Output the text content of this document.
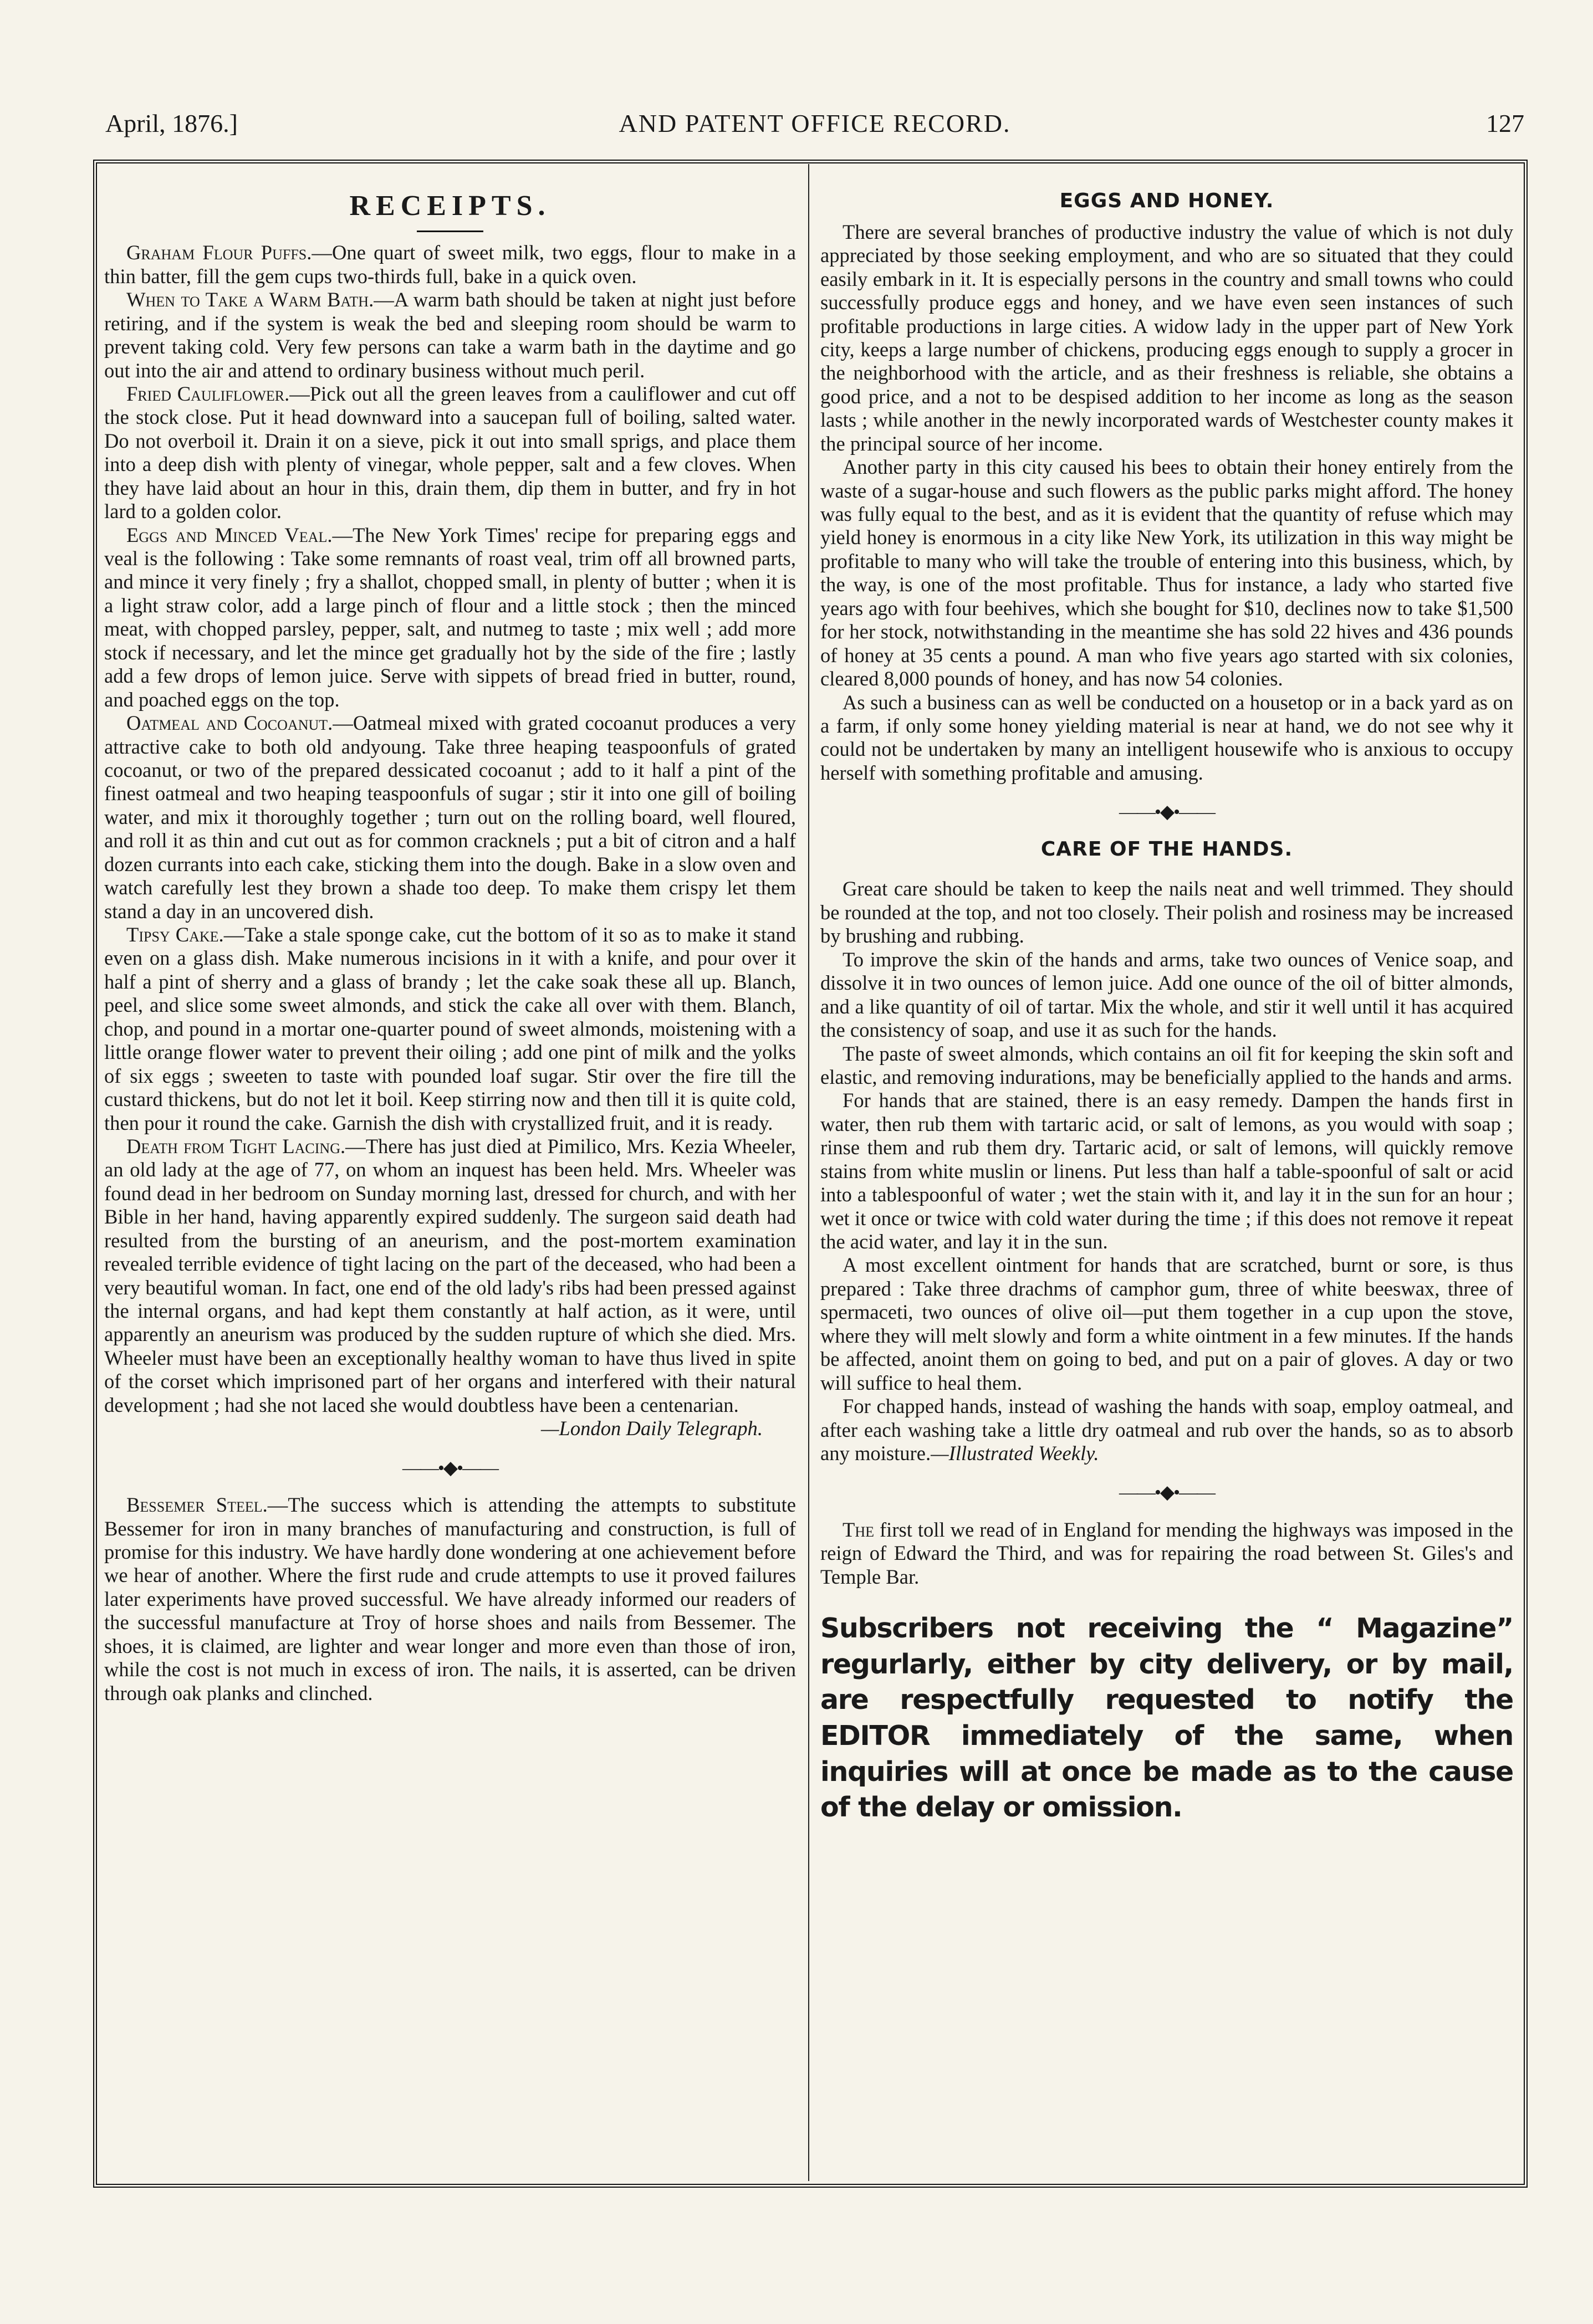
April, 1876.]	AND PATENT OFFICE RECORD.	127
RECEIPTS.

Graham Flour Puffs.—One quart of sweet milk, two eggs, flour to make in a thin batter, fill the gem cups two-thirds full, bake in a quick oven.

When to Take a Warm Bath.—A warm bath should be taken at night just before retiring, and if the system is weak the bed and sleeping room should be warm to prevent taking cold. Very few persons can take a warm bath in the daytime and go out into the air and attend to ordinary business without much peril.

Fried Cauliflower.—Pick out all the green leaves from a cauliflower and cut off the stock close. Put it head downward into a saucepan full of boiling, salted water. Do not overboil it. Drain it on a sieve, pick it out into small sprigs, and place them into a deep dish with plenty of vinegar, whole pepper, salt and a few cloves. When they have laid about an hour in this, drain them, dip them in butter, and fry in hot lard to a golden color.

Eggs and Minced Veal.—The New York Times' recipe for preparing eggs and veal is the following : Take some remnants of roast veal, trim off all browned parts, and mince it very finely ; fry a shallot, chopped small, in plenty of butter ; when it is a light straw color, add a large pinch of flour and a little stock ; then the minced meat, with chopped parsley, pepper, salt, and nutmeg to taste ; mix well ; add more stock if necessary, and let the mince get gradually hot by the side of the fire ; lastly add a few drops of lemon juice. Serve with sippets of bread fried in butter, round, and poached eggs on the top.

Oatmeal and Cocoanut.—Oatmeal mixed with grated cocoanut produces a very attractive cake to both old andyoung. Take three heaping teaspoonfuls of grated cocoanut, or two of the prepared dessicated cocoanut ; add to it half a pint of the finest oatmeal and two heaping teaspoonfuls of sugar ; stir it into one gill of boiling water, and mix it thoroughly together ; turn out on the rolling board, well floured, and roll it as thin and cut out as for common cracknels ; put a bit of citron and a half dozen currants into each cake, sticking them into the dough. Bake in a slow oven and watch carefully lest they brown a shade too deep. To make them crispy let them stand a day in an uncovered dish.

Tipsy Cake.—Take a stale sponge cake, cut the bottom of it so as to make it stand even on a glass dish. Make numerous incisions in it with a knife, and pour over it half a pint of sherry and a glass of brandy ; let the cake soak these all up. Blanch, peel, and slice some sweet almonds, and stick the cake all over with them. Blanch, chop, and pound in a mortar one-quarter pound of sweet almonds, moistening with a little orange flower water to prevent their oiling ; add one pint of milk and the yolks of six eggs ; sweeten to taste with pounded loaf sugar. Stir over the fire till the custard thickens, but do not let it boil. Keep stirring now and then till it is quite cold, then pour it round the cake. Garnish the dish with crystallized fruit, and it is ready.

Death from Tight Lacing.—There has just died at Pimilico, Mrs. Kezia Wheeler, an old lady at the age of 77, on whom an inquest has been held. Mrs. Wheeler was found dead in her bedroom on Sunday morning last, dressed for church, and with her Bible in her hand, having apparently expired suddenly. The surgeon said death had resulted from the bursting of an aneurism, and the post-mortem examination revealed terrible evidence of tight lacing on the part of the deceased, who had been a very beautiful woman. In fact, one end of the old lady's ribs had been pressed against the internal organs, and had kept them constantly at half action, as it were, until apparently an aneurism was produced by the sudden rupture of which she died. Mrs. Wheeler must have been an exceptionally healthy woman to have thus lived in spite of the corset which imprisoned part of her organs and interfered with their natural development ; had she not laced she would doubtless have been a centenarian.

—London Daily Telegraph.
——•◆•——

Bessemer Steel.—The success which is attending the attempts to substitute Bessemer for iron in many branches of manufacturing and construction, is full of promise for this industry. We have hardly done wondering at one achievement before we hear of another. Where the first rude and crude attempts to use it proved failures later experiments have proved successful. We have already informed our readers of the successful manufacture at Troy of horse shoes and nails from Bessemer. The shoes, it is claimed, are lighter and wear longer and more even than those of iron, while the cost is not much in excess of iron. The nails, it is asserted, can be driven through oak planks and clinched.

EGGS AND HONEY.

There are several branches of productive industry the value of which is not duly appreciated by those seeking employment, and who are so situated that they could easily embark in it. It is especially persons in the country and small towns who could successfully produce eggs and honey, and we have even seen instances of such profitable productions in large cities. A widow lady in the upper part of New York city, keeps a large number of chickens, producing eggs enough to supply a grocer in the neighborhood with the article, and as their freshness is reliable, she obtains a good price, and a not to be despised addition to her income as long as the season lasts ; while another in the newly incorporated wards of Westchester county makes it the principal source of her income.

Another party in this city caused his bees to obtain their honey entirely from the waste of a sugar-house and such flowers as the public parks might afford. The honey was fully equal to the best, and as it is evident that the quantity of refuse which may yield honey is enormous in a city like New York, its utilization in this way might be profitable to many who will take the trouble of entering into this business, which, by the way, is one of the most profitable. Thus for instance, a lady who started five years ago with four beehives, which she bought for $10, declines now to take $1,500 for her stock, notwithstanding in the meantime she has sold 22 hives and 436 pounds of honey at 35 cents a pound. A man who five years ago started with six colonies, cleared 8,000 pounds of honey, and has now 54 colonies.

As such a business can as well be conducted on a housetop or in a back yard as on a farm, if only some honey yielding material is near at hand, we do not see why it could not be undertaken by many an intelligent housewife who is anxious to occupy herself with something profitable and amusing.

——•◆•——
CARE OF THE HANDS.

Great care should be taken to keep the nails neat and well trimmed. They should be rounded at the top, and not too closely. Their polish and rosiness may be increased by brushing and rubbing.

To improve the skin of the hands and arms, take two ounces of Venice soap, and dissolve it in two ounces of lemon juice. Add one ounce of the oil of bitter almonds, and a like quantity of oil of tartar. Mix the whole, and stir it well until it has acquired the consistency of soap, and use it as such for the hands.

The paste of sweet almonds, which contains an oil fit for keeping the skin soft and elastic, and removing indurations, may be beneficially applied to the hands and arms.

For hands that are stained, there is an easy remedy. Dampen the hands first in water, then rub them with tartaric acid, or salt of lemons, as you would with soap ; rinse them and rub them dry. Tartaric acid, or salt of lemons, will quickly remove stains from white muslin or linens. Put less than half a table-spoonful of salt or acid into a tablespoonful of water ; wet the stain with it, and lay it in the sun for an hour ; wet it once or twice with cold water during the time ; if this does not remove it repeat the acid water, and lay it in the sun.

A most excellent ointment for hands that are scratched, burnt or sore, is thus prepared : Take three drachms of camphor gum, three of white beeswax, three of spermaceti, two ounces of olive oil—put them together in a cup upon the stove, where they will melt slowly and form a white ointment in a few minutes. If the hands be affected, anoint them on going to bed, and put on a pair of gloves. A day or two will suffice to heal them.

For chapped hands, instead of washing the hands with soap, employ oatmeal, and after each washing take a little dry oatmeal and rub over the hands, so as to absorb any moisture.—Illustrated Weekly.

——•◆•——

The first toll we read of in England for mending the highways was imposed in the reign of Edward the Third, and was for repairing the road between St. Giles's and Temple Bar.

Subscribers not receiving the “ Magazine” regurlarly, either by city delivery, or by mail, are respectfully requested to notify the EDITOR immediately of the same, when inquiries will at once be made as to the cause of the delay or omission.
